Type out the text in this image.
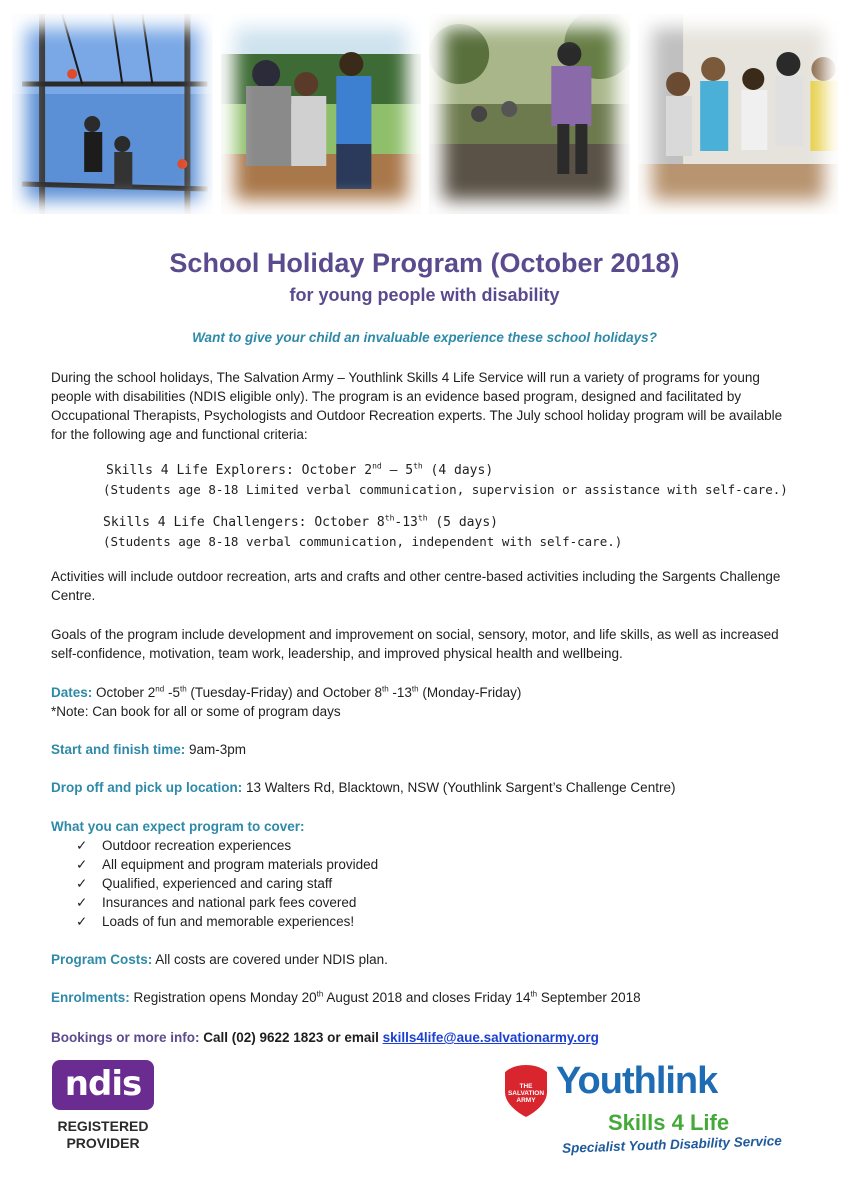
School Holiday Program (October 2018)
for young people with disability
Want to give your child an invaluable experience these school holidays?

During the school holidays, The Salvation Army – Youthlink Skills 4 Life Service will run a variety of programs for young people with disabilities (NDIS eligible only). The program is an evidence based program, designed and facilitated by Occupational Therapists, Psychologists and Outdoor Recreation experts. The July school holiday program will be available for the following age and functional criteria:

Skills 4 Life Explorers: October 2nd – 5th (4 days)
(Students age 8-18 Limited verbal communication, supervision or assistance with self-care.)
Skills 4 Life Challengers: October 8th-13th (5 days)
(Students age 8-18 verbal communication, independent with self-care.)

Activities will include outdoor recreation, arts and crafts and other centre-based activities including the Sargents Challenge Centre.

Goals of the program include development and improvement on social, sensory, motor, and life skills, as well as increased self-confidence, motivation, team work, leadership, and improved physical health and wellbeing.

Dates: October 2nd -5th (Tuesday-Friday) and October 8th -13th (Monday-Friday)

*Note: Can book for all or some of program days

Start and finish time: 9am-3pm

Drop off and pick up location: 13 Walters Rd, Blacktown, NSW (Youthlink Sargent’s Challenge Centre)

What you can expect program to cover:

✓	Outdoor recreation experiences
✓	All equipment and program materials provided
✓	Qualified, experienced and caring staff
✓	Insurances and national park fees covered
✓	Loads of fun and memorable experiences!

Program Costs: All costs are covered under NDIS plan.

Enrolments: Registration opens Monday 20th August 2018 and closes Friday 14th September 2018

Bookings or more info: Call (02) 9622 1823 or email skills4life@aue.salvationarmy.org

ndis
REGISTERED
PROVIDER
THE
SALVATION
ARMY Youthlink
Skills 4 Life
Specialist Youth Disability Service
